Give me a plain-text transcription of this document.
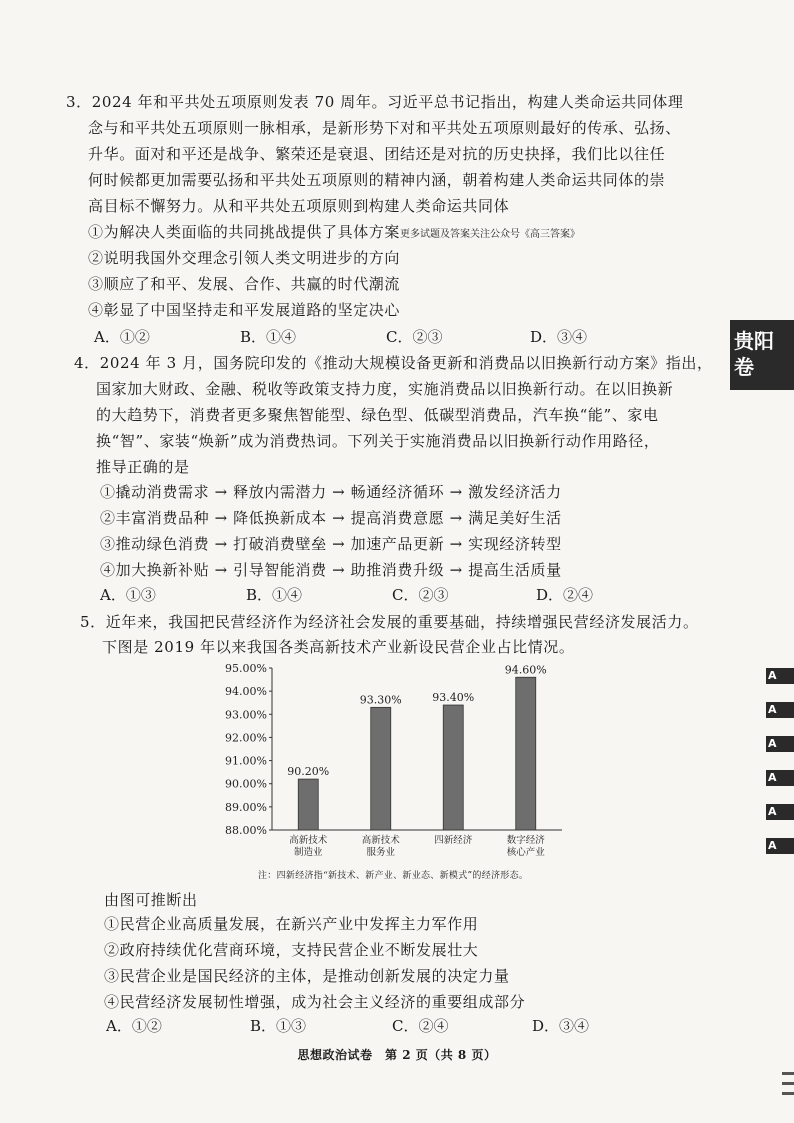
3．2024 年和平共处五项原则发表 70 周年。习近平总书记指出，构建人类命运共同体理
念与和平共处五项原则一脉相承，是新形势下对和平共处五项原则最好的传承、弘扬、
升华。面对和平还是战争、繁荣还是衰退、团结还是对抗的历史抉择，我们比以往任
何时候都更加需要弘扬和平共处五项原则的精神内涵，朝着构建人类命运共同体的崇
高目标不懈努力。从和平共处五项原则到构建人类命运共同体
①为解决人类面临的共同挑战提供了具体方案更多试题及答案关注公众号《高三答案》
②说明我国外交理念引领人类文明进步的方向
③顺应了和平、发展、合作、共赢的时代潮流
④彰显了中国坚持走和平发展道路的坚定决心
A．①②	B．①④	C．②③	D．③④
4．2024 年 3 月，国务院印发的《推动大规模设备更新和消费品以旧换新行动方案》指出，
国家加大财政、金融、税收等政策支持力度，实施消费品以旧换新行动。在以旧换新
的大趋势下，消费者更多聚焦智能型、绿色型、低碳型消费品，汽车换“能”、家电
换“智”、家装“焕新”成为消费热词。下列关于实施消费品以旧换新行动作用路径，
推导正确的是
①撬动消费需求 → 释放内需潜力 → 畅通经济循环 → 激发经济活力
②丰富消费品种 → 降低换新成本 → 提高消费意愿 → 满足美好生活
③推动绿色消费 → 打破消费壁垒 → 加速产品更新 → 实现经济转型
④加大换新补贴 → 引导智能消费 → 助推消费升级 → 提高生活质量
A．①③	B．①④	C．②③	D．②④
5．近年来，我国把民营经济作为经济社会发展的重要基础，持续增强民营经济发展活力。
下图是 2019 年以来我国各类高新技术产业新设民营企业占比情况。
95.00%
94.00%
93.00%
92.00%
91.00%
90.00%
89.00%
88.00%
90.20%
高新技术
制造业
93.30%
高新技术
服务业
93.40%
四新经济
94.60%
数字经济
核心产业
注：四新经济指“新技术、新产业、新业态、新模式”的经济形态。
由图可推断出
①民营企业高质量发展，在新兴产业中发挥主力军作用
②政府持续优化营商环境，支持民营企业不断发展壮大
③民营企业是国民经济的主体，是推动创新发展的决定力量
④民营经济发展韧性增强，成为社会主义经济的重要组成部分
A．①②	B．①③	C．②④	D．③④
贵阳
卷
A
A
A
A
A
A
思想政治试卷　第 2 页（共 8 页）
